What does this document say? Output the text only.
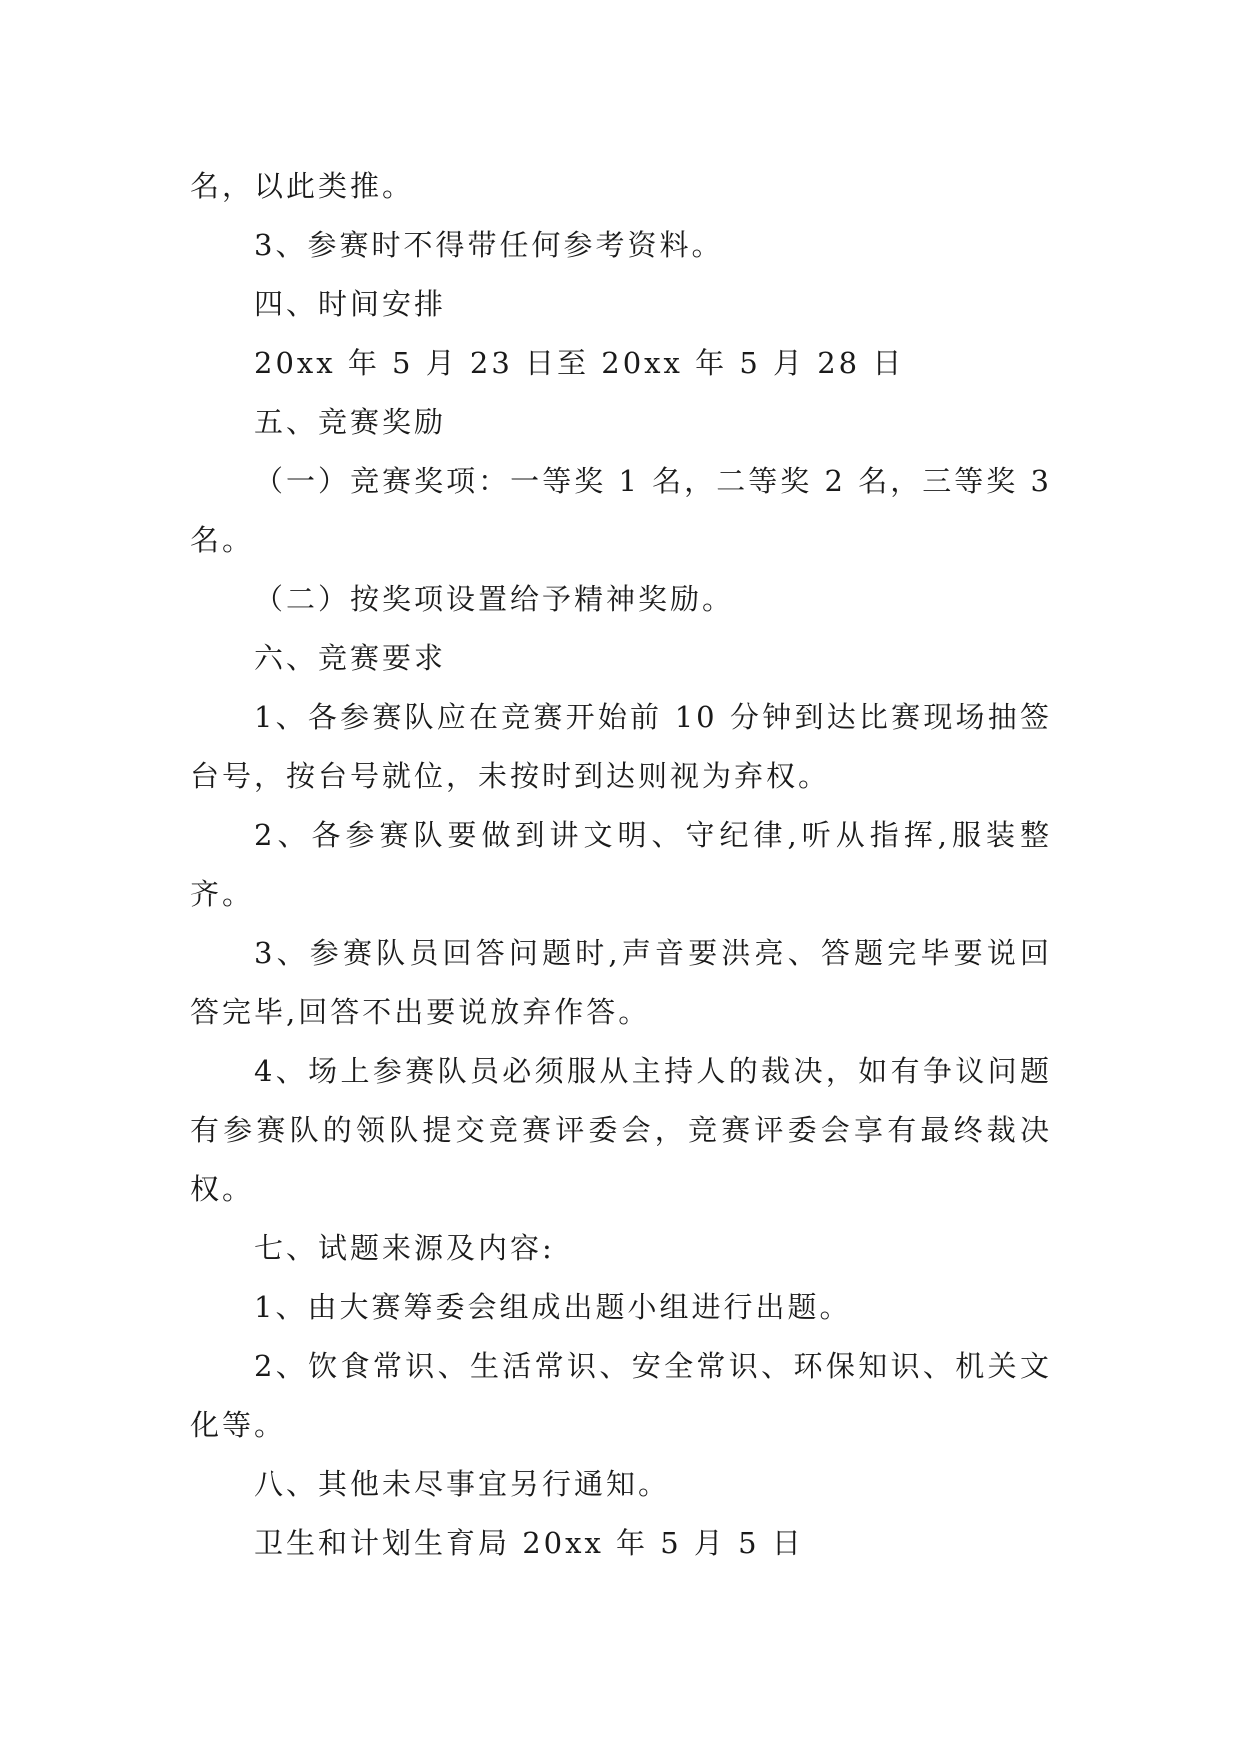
名，以此类推。

3、参赛时不得带任何参考资料。

四、时间安排

20xx 年 5 月 23 日至 20xx 年 5 月 28 日

五、竞赛奖励

（一）竞赛奖项：一等奖 1 名，二等奖 2 名，三等奖 3 名。

（二）按奖项设置给予精神奖励。

六、竞赛要求

1、各参赛队应在竞赛开始前 10 分钟到达比赛现场抽签台号，按台号就位，未按时到达则视为弃权。

2、各参赛队要做到讲文明、守纪律,听从指挥,服装整齐。

3、参赛队员回答问题时,声音要洪亮、答题完毕要说回答完毕,回答不出要说放弃作答。

4、场上参赛队员必须服从主持人的裁决，如有争议问题有参赛队的领队提交竞赛评委会，竞赛评委会享有最终裁决权。

七、试题来源及内容:

1、由大赛筹委会组成出题小组进行出题。

2、饮食常识、生活常识、安全常识、环保知识、机关文化等。

八、其他未尽事宜另行通知。

卫生和计划生育局 20xx 年 5 月 5 日
